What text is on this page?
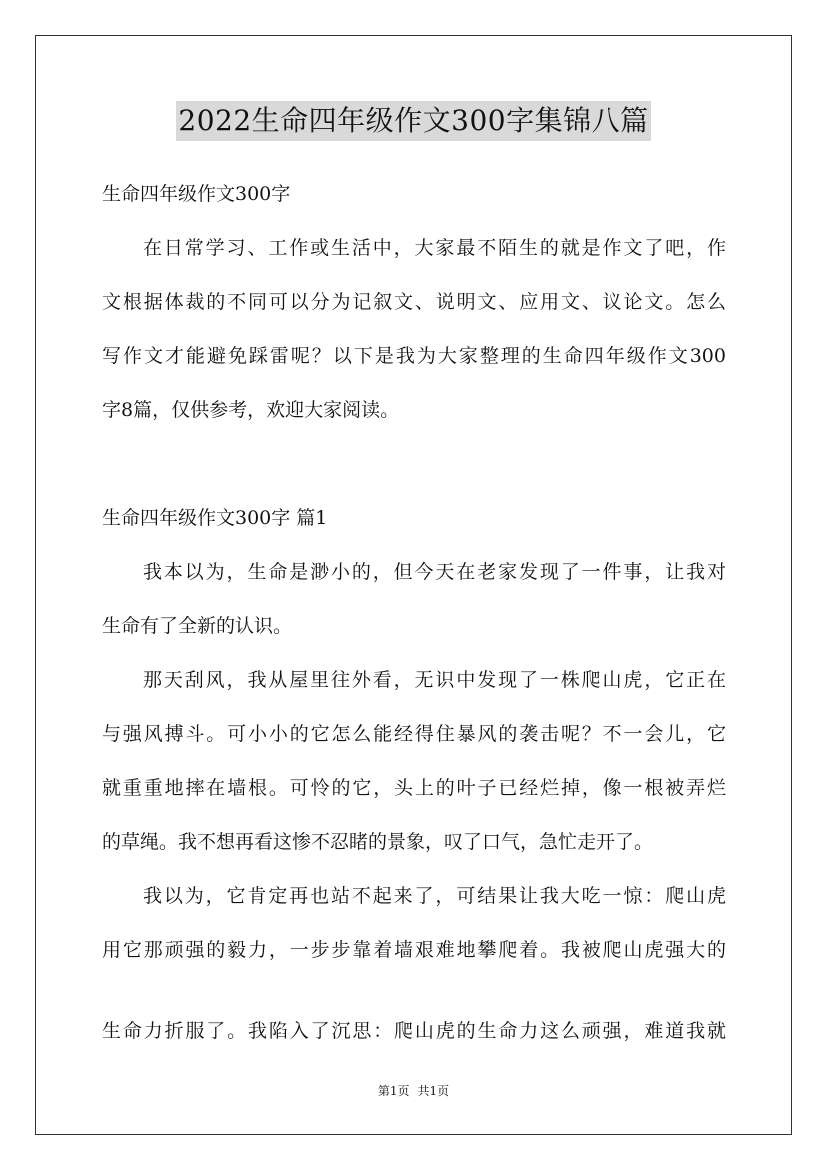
2022生命四年级作文300字集锦八篇
生命四年级作文300字
在日常学习、工作或生活中，大家最不陌生的就是作文了吧，作
文根据体裁的不同可以分为记叙文、说明文、应用文、议论文。怎么
写作文才能避免踩雷呢？以下是我为大家整理的生命四年级作文300
字8篇，仅供参考，欢迎大家阅读。
生命四年级作文300字 篇1
我本以为，生命是渺小的，但今天在老家发现了一件事，让我对
生命有了全新的认识。
那天刮风，我从屋里往外看，无识中发现了一株爬山虎，它正在
与强风搏斗。可小小的它怎么能经得住暴风的袭击呢？不一会儿，它
就重重地摔在墙根。可怜的它，头上的叶子已经烂掉，像一根被弄烂
的草绳。我不想再看这惨不忍睹的景象，叹了口气，急忙走开了。
我以为，它肯定再也站不起来了，可结果让我大吃一惊：爬山虎
用它那顽强的毅力，一步步靠着墙艰难地攀爬着。我被爬山虎强大的
生命力折服了。我陷入了沉思：爬山虎的生命力这么顽强，难道我就
第1页 共1页
